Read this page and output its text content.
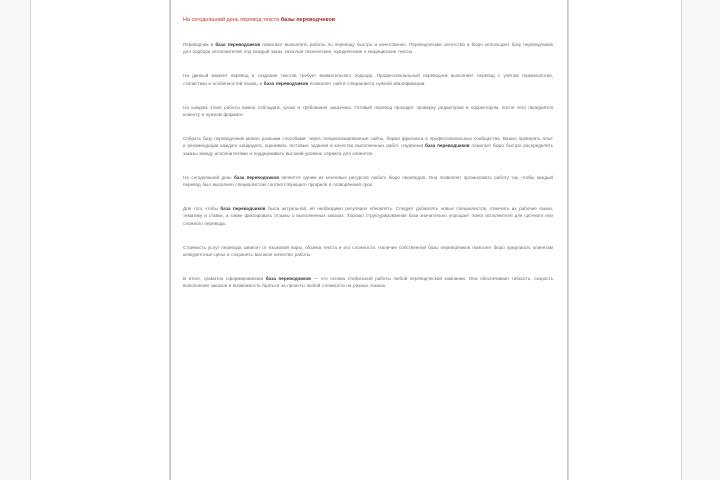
На сегодняшний день перевод текста базы переводчиков
Переводчик и база переводчиков помогают выполнять работы по переводу быстро и качественно. Переводческие агентства и бюро используют базу переводчиков для подбора исполнителей под каждый заказ, включая технические, юридические и медицинские тексты.
На данный момент перевод и создание текстов требует внимательного подхода. Профессиональный переводчик выполняет перевод с учётом терминологии, стилистики и особенностей языка, а база переводчиков позволяет найти специалиста нужной квалификации.
На каждом этапе работы важно соблюдать сроки и требования заказчика. Готовый перевод проходит проверку редактором и корректором, после чего передаётся клиенту в нужном формате.
Собрать базу переводчиков можно разными способами: через специализированные сайты, биржи фриланса и профессиональные сообщества. Важно проверять опыт и рекомендации каждого кандидата, оценивать тестовые задания и качество выполненных работ. Надёжная база переводчиков помогает бюро быстро распределять заказы между исполнителями и поддерживать высокий уровень сервиса для клиентов.
На сегодняшний день база переводчиков является одним из ключевых ресурсов любого бюро переводов. Она позволяет организовать работу так, чтобы каждый перевод был выполнен специалистом соответствующего профиля в оговорённый срок.
Для того чтобы база переводчиков была актуальной, её необходимо регулярно обновлять. Следует добавлять новых специалистов, отмечать их рабочие языки, тематику и ставки, а также фиксировать отзывы о выполненных заказах. Хорошо структурированная база значительно упрощает поиск исполнителя для срочного или сложного перевода.
Стоимость услуг перевода зависит от языковой пары, объёма текста и его сложности. Наличие собственной базы переводчиков помогает бюро предлагать клиентам конкурентные цены и сохранять высокое качество работы.
В итоге, грамотно сформированная база переводчиков — это основа стабильной работы любой переводческой компании. Она обеспечивает гибкость, скорость выполнения заказов и возможность браться за проекты любой сложности на разных языках.
